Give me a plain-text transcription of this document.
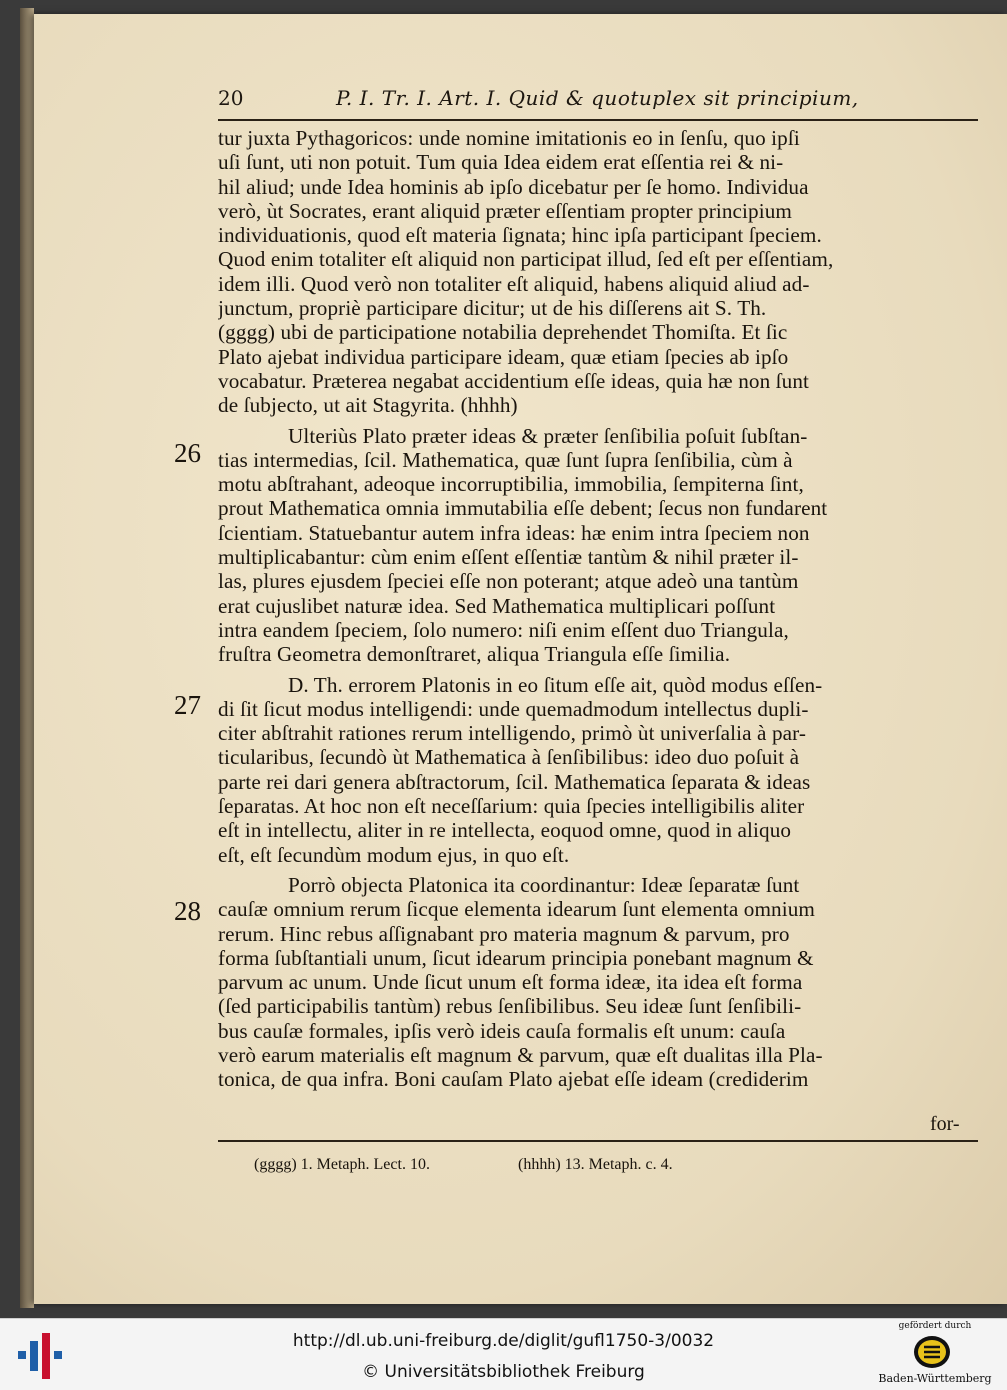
20	P. I. Tr. I. Art. I. Quid & quotuplex sit principium,

tur juxta Pythagoricos: unde nomine imitationis eo in ſenſu, quo ipſi
uſi ſunt, uti non potuit. Tum quia Idea eidem erat eſſentia rei & ni-
hil aliud; unde Idea hominis ab ipſo dicebatur per ſe homo. Individua
verò, ùt Socrates, erant aliquid præter eſſentiam propter principium
individuationis, quod eſt materia ſignata; hinc ipſa participant ſpeciem.
Quod enim totaliter eſt aliquid non participat illud, ſed eſt per eſſentiam,
idem illi. Quod verò non totaliter eſt aliquid, habens aliquid aliud ad-
junctum, propriè participare dicitur; ut de his diſſerens ait S. Th.
(gggg) ubi de participatione notabilia deprehendet Thomiſta. Et ſic
Plato ajebat individua participare ideam, quæ etiam ſpecies ab ipſo
vocabatur. Præterea negabat accidentium eſſe ideas, quia hæ non ſunt
de ſubjecto, ut ait Stagyrita. (hhhh)

Ulteriùs Plato præter ideas & præter ſenſibilia poſuit ſubſtan-
tias intermedias, ſcil. Mathematica, quæ ſunt ſupra ſenſibilia, cùm à
motu abſtrahant, adeoque incorruptibilia, immobilia, ſempiterna ſint,
prout Mathematica omnia immutabilia eſſe debent; ſecus non fundarent
ſcientiam. Statuebantur autem infra ideas: hæ enim intra ſpeciem non
multiplicabantur: cùm enim eſſent eſſentiæ tantùm & nihil præter il-
las, plures ejusdem ſpeciei eſſe non poterant; atque adeò una tantùm
erat cujuslibet naturæ idea. Sed Mathematica multiplicari poſſunt
intra eandem ſpeciem, ſolo numero: niſi enim eſſent duo Triangula,
fruſtra Geometra demonſtraret, aliqua Triangula eſſe ſimilia.

D. Th. errorem Platonis in eo ſitum eſſe ait, quòd modus eſſen-
di ſit ſicut modus intelligendi: unde quemadmodum intellectus dupli-
citer abſtrahit rationes rerum intelligendo, primò ùt univerſalia à par-
ticularibus, ſecundò ùt Mathematica à ſenſibilibus: ideo duo poſuit à
parte rei dari genera abſtractorum, ſcil. Mathematica ſeparata & ideas
ſeparatas. At hoc non eſt neceſſarium: quia ſpecies intelligibilis aliter
eſt in intellectu, aliter in re intellecta, eoquod omne, quod in aliquo
eſt, eſt ſecundùm modum ejus, in quo eſt.

Porrò objecta Platonica ita coordinantur: Ideæ ſeparatæ ſunt
cauſæ omnium rerum ſicque elementa idearum ſunt elementa omnium
rerum. Hinc rebus aſſignabant pro materia magnum & parvum, pro
forma ſubſtantiali unum, ſicut idearum principia ponebant magnum &
parvum ac unum. Unde ſicut unum eſt forma ideæ, ita idea eſt forma
(ſed participabilis tantùm) rebus ſenſibilibus. Seu ideæ ſunt ſenſibili-
bus cauſæ formales, ipſis verò ideis cauſa formalis eſt unum: cauſa
verò earum materialis eſt magnum & parvum, quæ eſt dualitas illa Pla-
tonica, de qua infra. Boni cauſam Plato ajebat eſſe ideam (crediderim

for-
(gggg) 1. Metaph. Lect. 10.	(hhhh) 13. Metaph. c. 4.
26
27
28
http://dl.ub.uni-freiburg.de/diglit/gufl1750-3/0032
© Universitätsbibliothek Freiburg
gefördert durch
Baden-Württemberg
